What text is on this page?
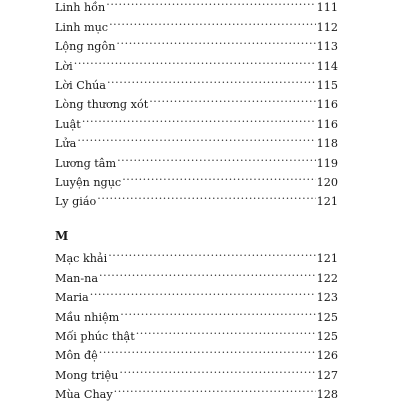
Linh hồn .....	111
Linh mục .....	112
Lộng ngôn .....	113
Lời .....	114
Lời Chúa .....	115
Lòng thương xót .....	116
Luật .....	116
Lửa .....	118
Lương tâm .....	119
Luyện ngục .....	120
Ly giáo .....	121
M
Mạc khải .....	121
Man-na .....	122
Maria .....	123
Mầu nhiệm .....	125
Mối phúc thật .....	125
Môn đệ .....	126
Mong triệu .....	127
Mùa Chay .....	128
